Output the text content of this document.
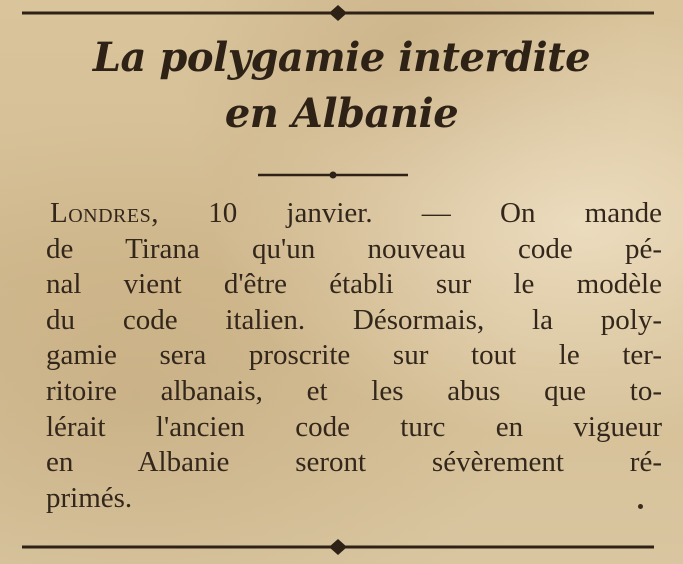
La polygamie interdite
en Albanie
Londres, 10 janvier. — On mande
de Tirana qu'un nouveau code pé-
nal vient d'être établi sur le modèle
du code italien. Désormais, la poly-
gamie sera proscrite sur tout le ter-
ritoire albanais, et les abus que to-
lérait l'ancien code turc en vigueur
en Albanie seront sévèrement ré-
primés.
